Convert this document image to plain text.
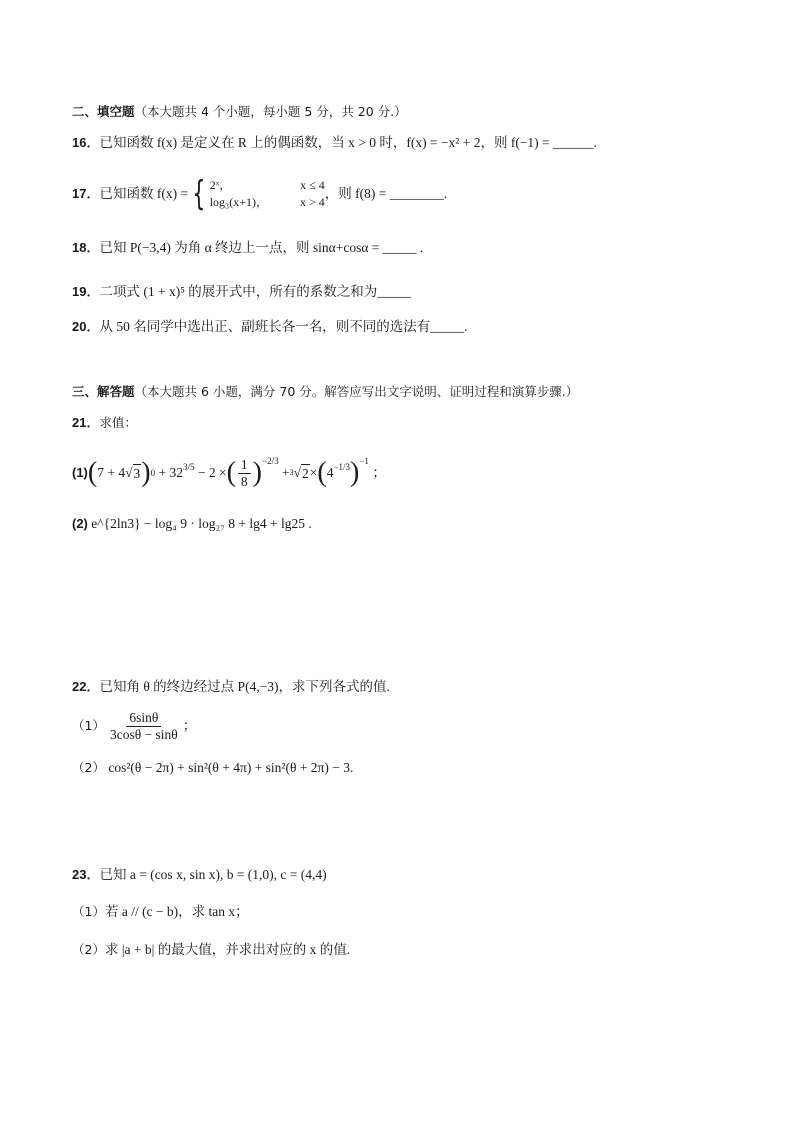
二、填空题（本大题共 4 个小题，每小题 5 分，共 20 分.）
16．已知函数 f(x) 是定义在 R 上的偶函数，当 x > 0 时，f(x) = −x² + 2，则 f(−1) = ______.
17． 已知函数 f(x) = { 2ˣ，	x ≤ 4
log₃(x+1)，	x > 4
，则 f(8) = ________.
18．已知 P(−3,4) 为角 α 终边上一点，则 sinα+cosα = _____ .
19．二项式 (1 + x)⁵ 的展开式中，所有的系数之和为_____
20．从 50 名同学中选出正、副班长各一名，则不同的选法有_____.
三、解答题（本大题共 6 小题，满分 70 分。解答应写出文字说明、证明过程和演算步骤.）
21．求值：
(1) ( 7 + 4 √ 3 ) $0 + 32^{3/5} - 2$ × ( $\frac{1}{8} )^{-2/3}$
+ 3 √ 2 × ( $4^{-1/3}$ )$^{-1}$
；
(2) e^{2ln3} − log₄ 9 · log₂₇ 8 + lg4 + lg25 .
22．已知角 θ 的终边经过点 P(4,−3)，求下列各式的值.
$(1) \frac{6\sin\theta}{3\cos\theta - \sin\theta}$ ；
（2） cos²(θ − 2π) + sin²(θ + 4π) + sin²(θ + 2π) − 3.
23．已知 a = (cos x, sin x), b = (1,0), c = (4,4)
（1）若 a // (c − b)，求 tan x；
（2）求 |a + b| 的最大值，并求出对应的 x 的值.
